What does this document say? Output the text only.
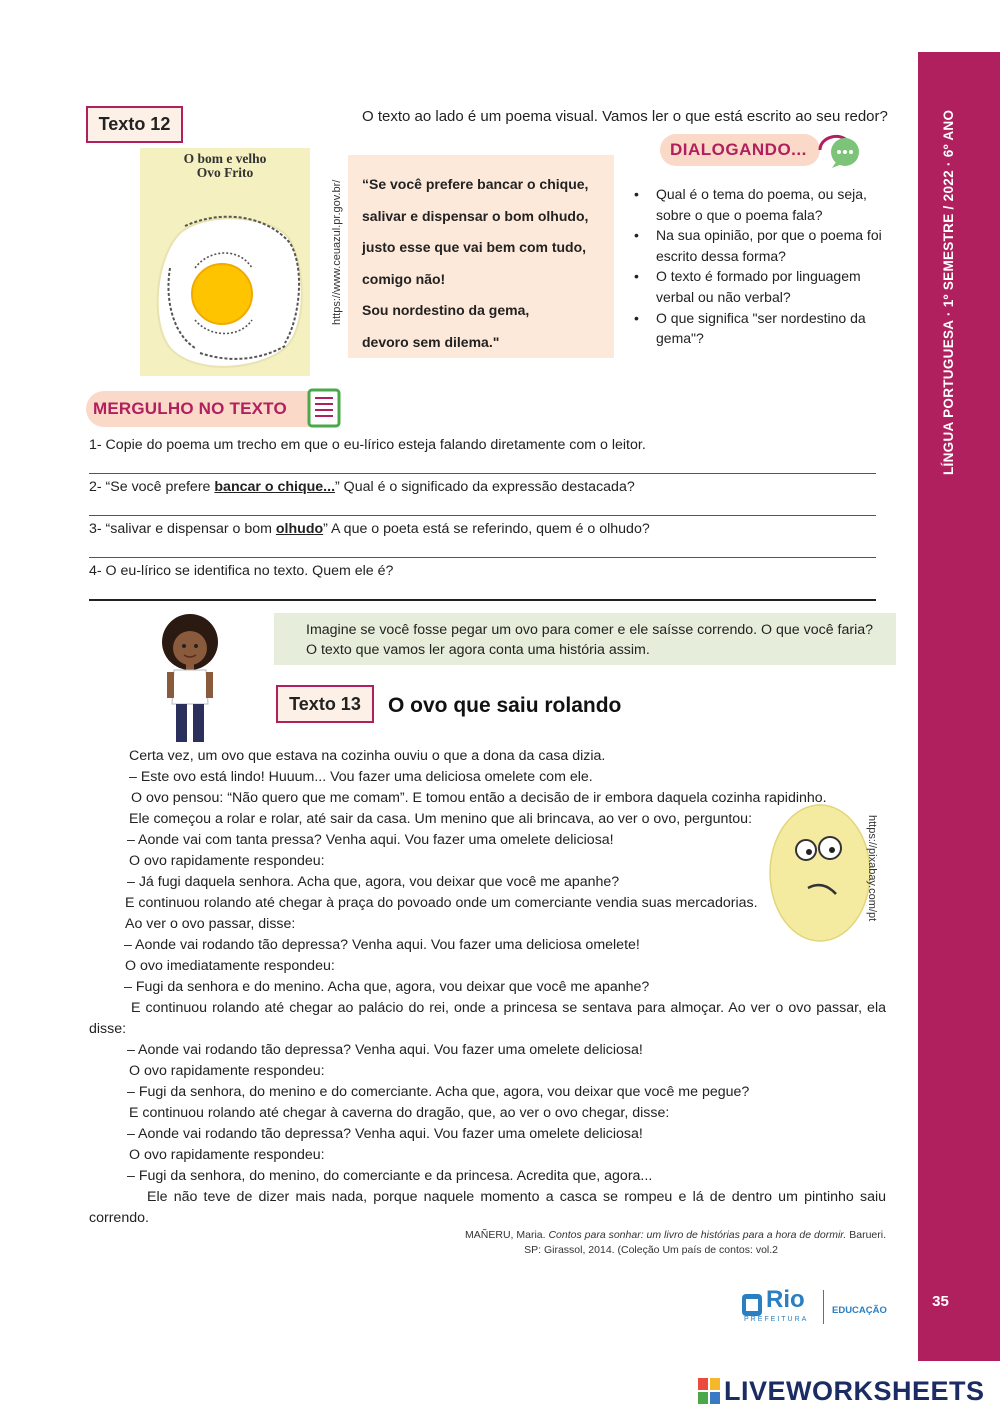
LÍNGUA PORTUGUESA · 1º SEMESTRE / 2022 · 6º ANO
35
Texto 12	O texto ao lado é um poema visual. Vamos ler o que está escrito ao seu redor?
O bom e velho
Ovo Frito
https://www.ceuazul.pr.gov.br/ “Se você prefere bancar o chique,

salivar e dispensar o bom olhudo,

justo esse que vai bem com tudo,

comigo não!

Sou nordestino da gema,

devoro sem dilema."

DIALOGANDO...
• Qual é o tema do poema, ou seja, sobre o que o poema fala?
• Na sua opinião, por que o poema foi escrito dessa forma?
• O texto é formado por linguagem verbal ou não verbal?
• O que significa "ser nordestino da gema"?
MERGULHO NO TEXTO
1- Copie do poema um trecho em que o eu-lírico esteja falando diretamente com o leitor.
2- “Se você prefere bancar o chique...” Qual é o significado da expressão destacada?
3- “salivar e dispensar o bom olhudo” A que o poeta está se referindo, quem é o olhudo?
4- O eu-lírico se identifica no texto. Quem ele é?
Imagine se você fosse pegar um ovo para comer e ele saísse correndo. O que você faria?
O texto que vamos ler agora conta uma história assim.
Texto 13	O ovo que saiu rolando
Certa vez, um ovo que estava na cozinha ouviu o que a dona da casa dizia.
– Este ovo está lindo! Huuum... Vou fazer uma deliciosa omelete com ele.
O ovo pensou: “Não quero que me comam”. E tomou então a decisão de ir embora daquela cozinha rapidinho.
Ele começou a rolar e rolar, até sair da casa. Um menino que ali brincava, ao ver o ovo, perguntou:
– Aonde vai com tanta pressa? Venha aqui. Vou fazer uma omelete deliciosa!
O ovo rapidamente respondeu:
– Já fugi daquela senhora. Acha que, agora, vou deixar que você me apanhe?
E continuou rolando até chegar à praça do povoado onde um comerciante vendia suas mercadorias.
Ao ver o ovo passar, disse:
– Aonde vai rodando tão depressa? Venha aqui. Vou fazer uma deliciosa omelete!
O ovo imediatamente respondeu:
– Fugi da senhora e do menino. Acha que, agora, vou deixar que você me apanhe?
E continuou rolando até chegar ao palácio do rei, onde a princesa se sentava para almoçar. Ao ver o ovo passar, ela
disse:
– Aonde vai rodando tão depressa? Venha aqui. Vou fazer uma omelete deliciosa!
O ovo rapidamente respondeu:
– Fugi da senhora, do menino e do comerciante. Acha que, agora, vou deixar que você me pegue?
E continuou rolando até chegar à caverna do dragão, que, ao ver o ovo chegar, disse:
– Aonde vai rodando tão depressa? Venha aqui. Vou fazer uma omelete deliciosa!
O ovo rapidamente respondeu:
– Fugi da senhora, do menino, do comerciante e da princesa. Acredita que, agora...
Ele não teve de dizer mais nada, porque naquele momento a casca se rompeu e lá de dentro um pintinho saiu
correndo.
https://pixabay.com/pt
MAÑERU, Maria. Contos para sonhar: um livro de histórias para a hora de dormir. Barueri.
SP: Girassol, 2014. (Coleção Um país de contos: vol.2
Rio
PREFEITURA
EDUCAÇÃO
LIVEWORKSHEETS
